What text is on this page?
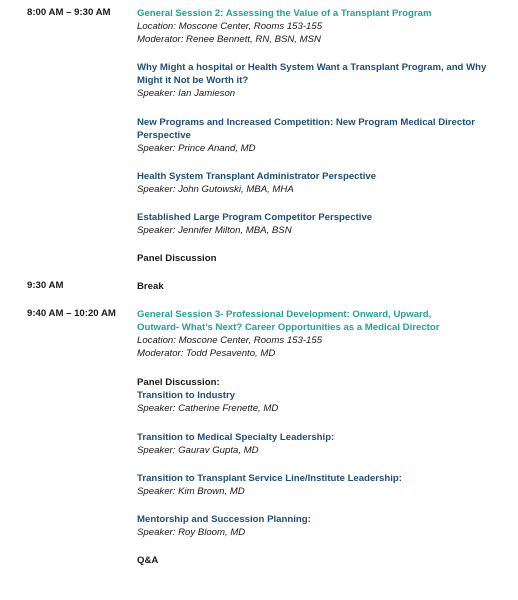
8:00 AM – 9:30 AM	General Session 2: Assessing the Value of a Transplant Program
Location: Moscone Center, Rooms 153-155
Moderator: Renee Bennett, RN, BSN, MSN
Why Might a hospital or Health System Want a Transplant Program, and Why
Might it Not be Worth it?
Speaker: Ian Jamieson
New Programs and Increased Competition: New Program Medical Director
Perspective
Speaker: Prince Anand, MD
Health System Transplant Administrator Perspective
Speaker: John Gutowski, MBA, MHA
Established Large Program Competitor Perspective
Speaker: Jennifer Milton, MBA, BSN
Panel Discussion
9:30 AM	Break
9:40 AM – 10:20 AM General Session 3- Professional Development: Onward, Upward,
Outward- What’s Next? Career Opportunities as a Medical Director
Location: Moscone Center, Rooms 153-155
Moderator: Todd Pesavento, MD
Panel Discussion:
Transition to Industry
Speaker: Catherine Frenette, MD
Transition to Medical Specialty Leadership:
Speaker: Gaurav Gupta, MD
Transition to Transplant Service Line/Institute Leadership:
Speaker: Kim Brown, MD
Mentorship and Succession Planning:
Speaker: Roy Bloom, MD
Q&A
